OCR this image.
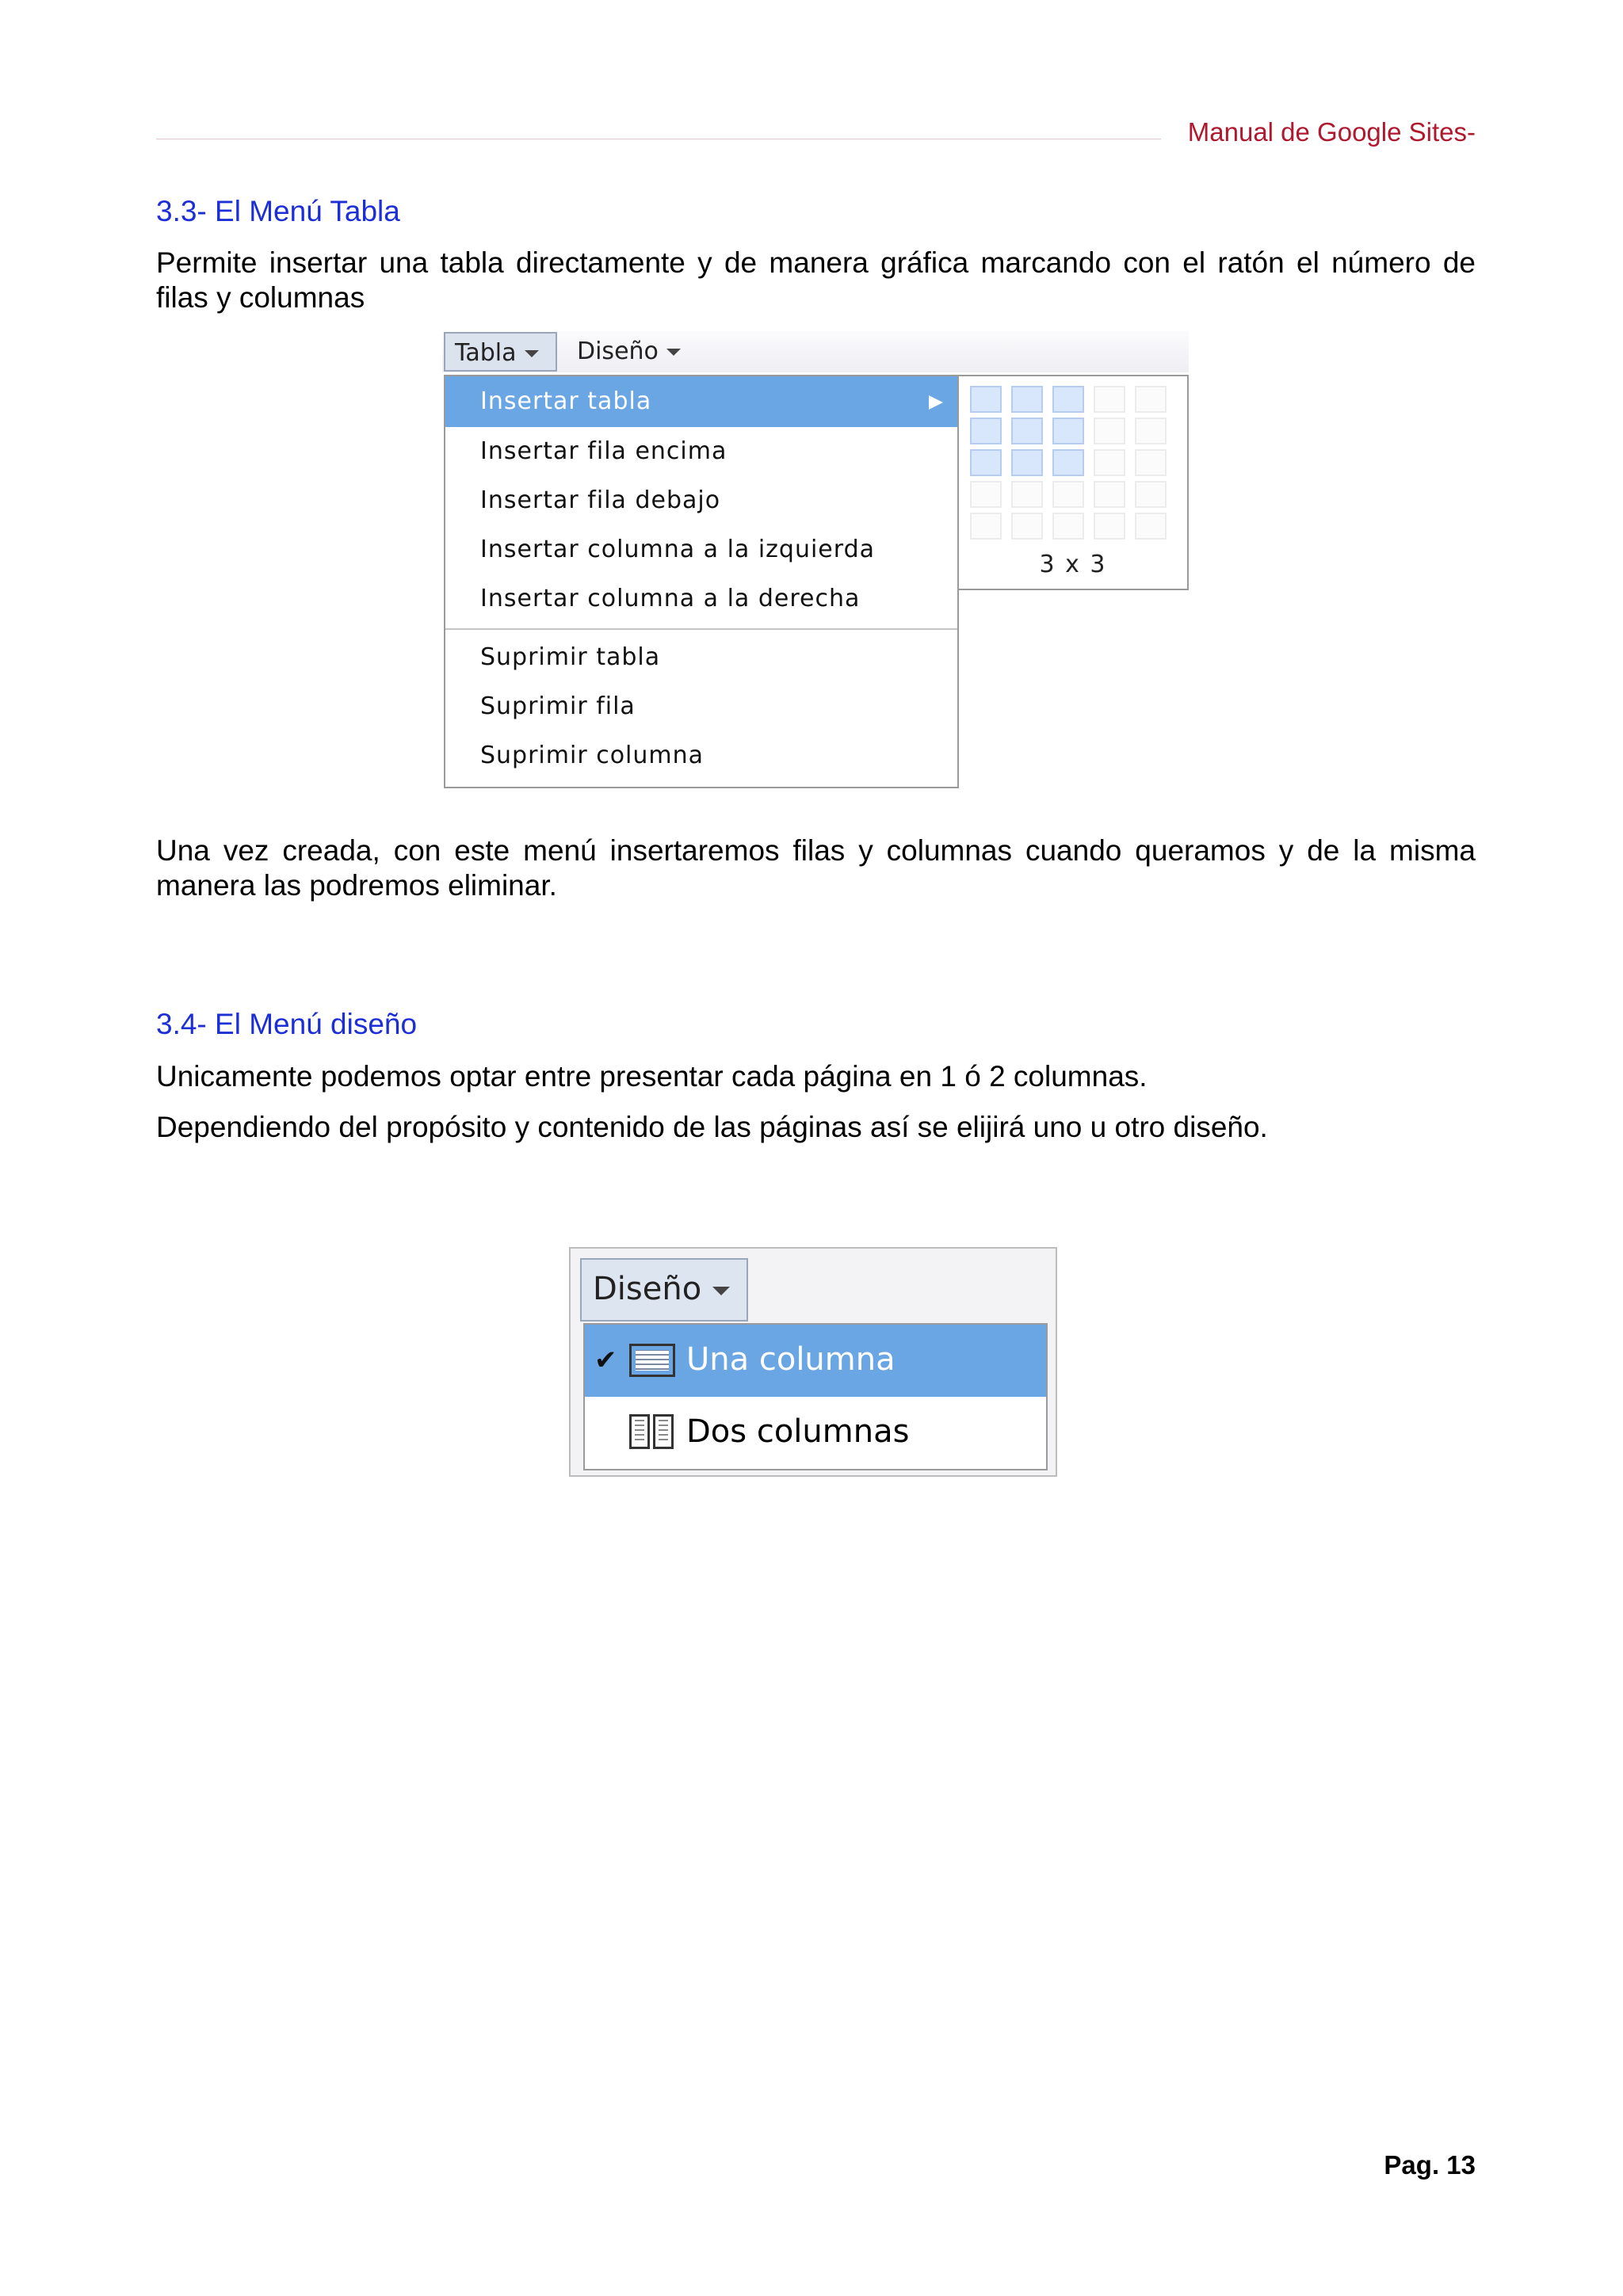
Manual de Google Sites-
3.3- El Menú Tabla
Permite insertar una tabla directamente y de manera gráfica marcando con el ratón el número de filas y columnas
Tabla	Diseño
Insertar tabla
Insertar fila encima
Insertar fila debajo
Insertar columna a la izquierda
Insertar columna a la derecha
Suprimir tabla
Suprimir fila
Suprimir columna
3 x 3
Una vez creada, con este menú insertaremos filas y columnas cuando queramos y de la misma manera las podremos eliminar.
3.4- El Menú diseño
Unicamente podemos optar entre presentar cada página en 1 ó 2 columnas.
Dependiendo del propósito y contenido de las páginas así se elijirá uno u otro diseño.
Diseño
✔ Una columna
Dos columnas
Pag. 13
